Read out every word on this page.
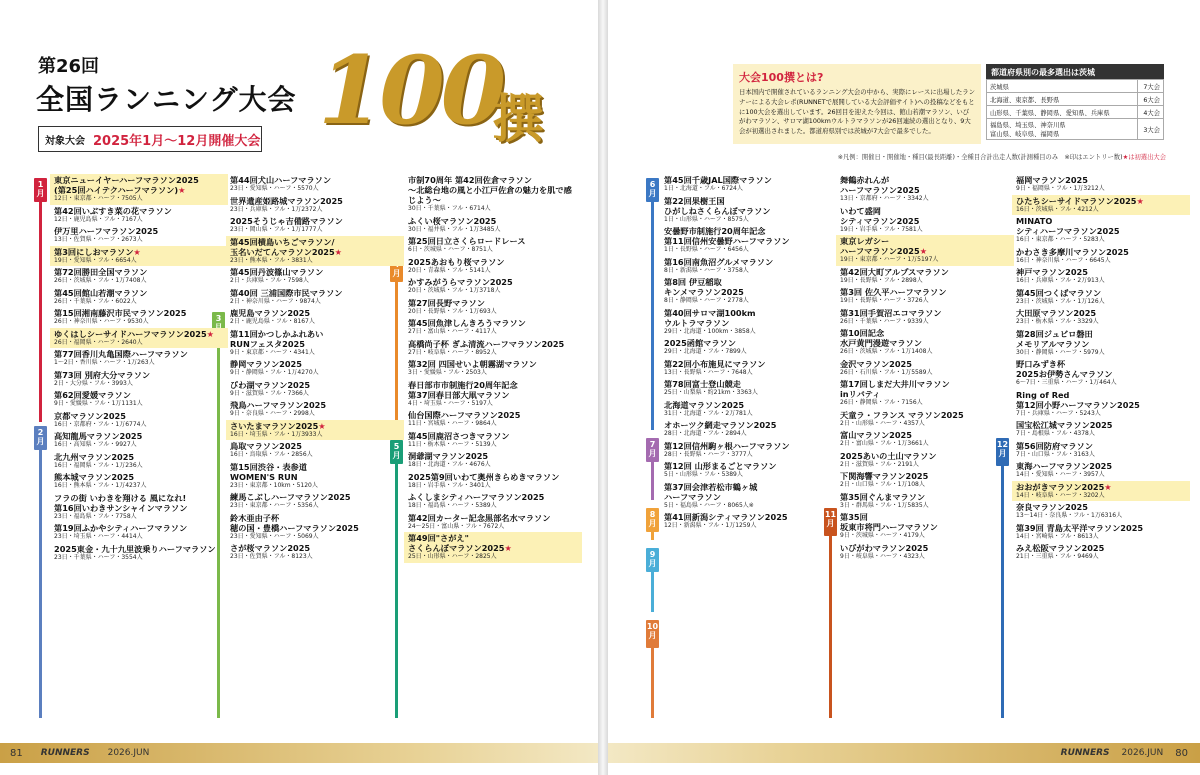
第26回
全国ランニング大会 100
撰
対象大会 2025年1月～12月開催大会
大会100撰とは?
日本国内で開催されているランニング大会の中から、実際にレースに出場したランナーによる大会レポ(RUNNETで展開している大会評価サイト)への投稿などをもとに100大会を選出しています。26回目を迎えた今回は、館山若潮マラソン、いびがわマラソン、サロマ湖100kmウルトラマラソンが26回連続の選出となり、9大会が初選出されました。都道府県別では茨城が7大会で最多でした。
都道府県別の最多選出は茨城
茨城県	7大会
北海道、東京都、長野県	6大会
山形県、千葉県、静岡県、愛知県、兵庫県	4大会
福島県、埼玉県、神奈川県
富山県、岐阜県、福岡県	3大会
※凡例：開催日・開催地・種目(最長距離)・全種目合計出走人数(計測種目のみ　※印はエントリー数)★は初選出大会
1月
2月
3
月
5月
6月
7月
8月
9月
10月
11月
12月
東京ニューイヤーハーフマラソン2025
(第25回ハイテクハーフマラソン)★
12日・東京都・ハーフ・7505人
第42回いぶすき菜の花マラソン
12日・鹿児島県・フル・7167人
伊万里ハーフマラソン2025
13日・佐賀県・ハーフ・2673人
第3回にしおマラソン★
19日・愛知県・フル・6654人
第72回勝田全国マラソン
26日・茨城県・フル・1万7408人
第45回館山若潮マラソン
26日・千葉県・フル・6022人
第15回湘南藤沢市民マラソン2025
26日・神奈川県・ハーフ・9530人
ゆくはしシーサイドハーフマラソン2025★
26日・福岡県・ハーフ・2640人
第77回香川丸亀国際ハーフマラソン
1～2日・香川県・ハーフ・1万263人
第73回 別府大分マラソン
2日・大分県・フル・3993人
第62回愛媛マラソン
9日・愛媛県・フル・1万1131人
京都マラソン2025
16日・京都府・フル・1万6774人
高知龍馬マラソン2025
16日・高知県・フル・9927人
北九州マラソン2025
16日・福岡県・フル・1万236人
熊本城マラソン2025
16日・熊本県・フル・1万4237人
フラの街 いわきを翔ける 風になれ!
第16回いわきサンシャインマラソン
23日・福島県・フル・7758人
第19回ふかやシティハーフマラソン
23日・埼玉県・ハーフ・4414人
2025東金・九十九里波乗りハーフマラソン
23日・千葉県・ハーフ・3554人
第44回犬山ハーフマラソン
23日・愛知県・ハーフ・5570人
世界遺産姫路城マラソン2025
23日・兵庫県・フル・1万2372人
2025そうじゃ吉備路マラソン
23日・岡山県・フル・1万1777人
第45回横島いちごマラソン/
玉名いだてんマラソン2025★
23日・熊本県・フル・3831人
第45回丹波篠山マラソン
2日・兵庫県・フル・7598人
第40回 三浦国際市民マラソン
2日・神奈川県・ハーフ・9874人
鹿児島マラソン2025
2日・鹿児島県・フル・8167人
第11回かつしかふれあい
RUNフェスタ2025
9日・東京都・ハーフ・4341人
静岡マラソン2025
9日・静岡県・フル・1万4270人
びわ湖マラソン2025
9日・滋賀県・フル・7366人
飛鳥ハーフマラソン2025
9日・奈良県・ハーフ・2998人
さいたまマラソン2025★
16日・埼玉県・フル・1万3933人
鳥取マラソン2025
16日・鳥取県・フル・2856人
第15回渋谷・表参道
WOMEN'S RUN
23日・東京都・10km・5120人
練馬こぶしハーフマラソン2025
23日・東京都・ハーフ・5356人
鈴木亜由子杯
穂の国・豊橋ハーフマラソン2025
23日・愛知県・ハーフ・5069人
さが桜マラソン2025
23日・佐賀県・フル・8123人
市制70周年 第42回佐倉マラソン
～北総台地の風と小江戸佐倉の魅力を肌で感じよう～
30日・千葉県・フル・6714人
ふくい桜マラソン2025
30日・福井県・フル・1万3485人
第25回日立さくらロードレース
6日・茨城県・ハーフ・8751人
2025あおもり桜マラソン
20日・青森県・フル・5141人
かすみがうらマラソン2025
20日・茨城県・フル・1万3718人
第27回長野マラソン
20日・長野県・フル・1万693人
第45回魚津しんきろうマラソン
27日・富山県・ハーフ・4117人
高橋尚子杯 ぎふ清流ハーフマラソン2025
27日・岐阜県・ハーフ・8952人
第32回 四国せいよ朝霧湖マラソン
3日・愛媛県・フル・2503人
春日部市市制施行20周年記念
第37回春日部大凧マラソン
4日・埼玉県・ハーフ・5197人
仙台国際ハーフマラソン2025
11日・宮城県・ハーフ・9864人
第45回鹿沼さつきマラソン
11日・栃木県・ハーフ・5139人
洞爺湖マラソン2025
18日・北海道・フル・4676人
2025第9回いわて奥州きらめきマラソン
18日・岩手県・フル・3401人
ふくしまシティハーフマラソン2025
18日・福島県・ハーフ・5389人
第42回カーター記念黒部名水マラソン
24～25日・富山県・フル・7672人
第49回"さがえ"
さくらんぼマラソン2025★
25日・山形県・ハーフ・2825人
第45回千歳JAL国際マラソン
1日・北海道・フル・6724人
第22回果樹王国
ひがしねさくらんぼマラソン
1日・山形県・ハーフ・8575人
安曇野市制施行20周年記念
第11回信州安曇野ハーフマラソン
1日・長野県・ハーフ・6456人
第16回南魚沼グルメマラソン
8日・新潟県・ハーフ・3758人
第8回 伊豆稲取
キンメマラソン2025
8日・静岡県・ハーフ・2778人
第40回サロマ湖100km
ウルトラマラソン
29日・北海道・100km・3858人
2025函館マラソン
29日・北海道・フル・7899人
第22回小布施見にマラソン
13日・長野県・ハーフ・7648人
第78回富士登山競走
25日・山梨県・約21km・3363人
北海道マラソン2025
31日・北海道・フル・2万781人
オホーツク網走マラソン2025
28日・北海道・フル・2894人
第12回信州駒ヶ根ハーフマラソン
28日・長野県・ハーフ・3777人
第12回 山形まるごとマラソン
5日・山形県・フル・5389人
第37回会津若松市鶴ヶ城
ハーフマラソン
5日・福島県・ハーフ・8065人※
第41回新潟シティマラソン2025
12日・新潟県・フル・1万1259人
舞鶴赤れんが
ハーフマラソン2025
13日・京都府・ハーフ・3342人
いわて盛岡
シティマラソン2025
19日・岩手県・フル・7581人
東京レガシー
ハーフマラソン2025★
19日・東京都・ハーフ・1万5197人
第42回大町アルプスマラソン
19日・長野県・フル・2898人
第3回 佐久平ハーフマラソン
19日・長野県・ハーフ・3726人
第31回手賀沼エコマラソン
26日・千葉県・ハーフ・9339人
第10回記念
水戸黄門漫遊マラソン
26日・茨城県・フル・1万1408人
金沢マラソン2025
26日・石川県・フル・1万5589人
第17回しまだ大井川マラソン
inリバティ
26日・静岡県・フル・7156人
天童ラ・フランス マラソン2025
2日・山形県・ハーフ・4357人
富山マラソン2025
2日・富山県・フル・1万3661人
2025あいの土山マラソン
2日・滋賀県・フル・2191人
下関海響マラソン2025
2日・山口県・フル・1万108人
第35回ぐんまマラソン
3日・群馬県・フル・1万5835人
第35回
坂東市将門ハーフマラソン
9日・茨城県・ハーフ・4179人
いびがわマラソン2025
9日・岐阜県・ハーフ・4323人
福岡マラソン2025
9日・福岡県・フル・1万3212人
ひたちシーサイドマラソン2025★
16日・茨城県・フル・4212人
MINATO
シティハーフマラソン2025
16日・東京都・ハーフ・5283人
かわさき多摩川マラソン2025
16日・神奈川県・ハーフ・6645人
神戸マラソン2025
16日・兵庫県・フル・2万913人
第45回つくばマラソン
23日・茨城県・フル・1万126人
大田原マラソン2025
23日・栃木県・フル・3329人
第28回ジュビロ磐田
メモリアルマラソン
30日・静岡県・ハーフ・5979人
野口みずき杯
2025お伊勢さんマラソン
6～7日・三重県・ハーフ・1万464人
Ring of Red
第12回小野ハーフマラソン2025
7日・兵庫県・ハーフ・5243人
国宝松江城マラソン2025
7日・島根県・フル・4378人
第56回防府マラソン
7日・山口県・フル・3163人
東海ハーフマラソン2025
14日・愛知県・ハーフ・3957人
おおがきマラソン2025★
14日・岐阜県・ハーフ・3202人
奈良マラソン2025
13～14日・奈良県・フル・1万6316人
第39回 青島太平洋マラソン2025
14日・宮崎県・フル・8613人
みえ松阪マラソン2025
21日・三重県・フル・9469人
81 RUNNERS 2026.JUN	RUNNERS 2026.JUN 80
